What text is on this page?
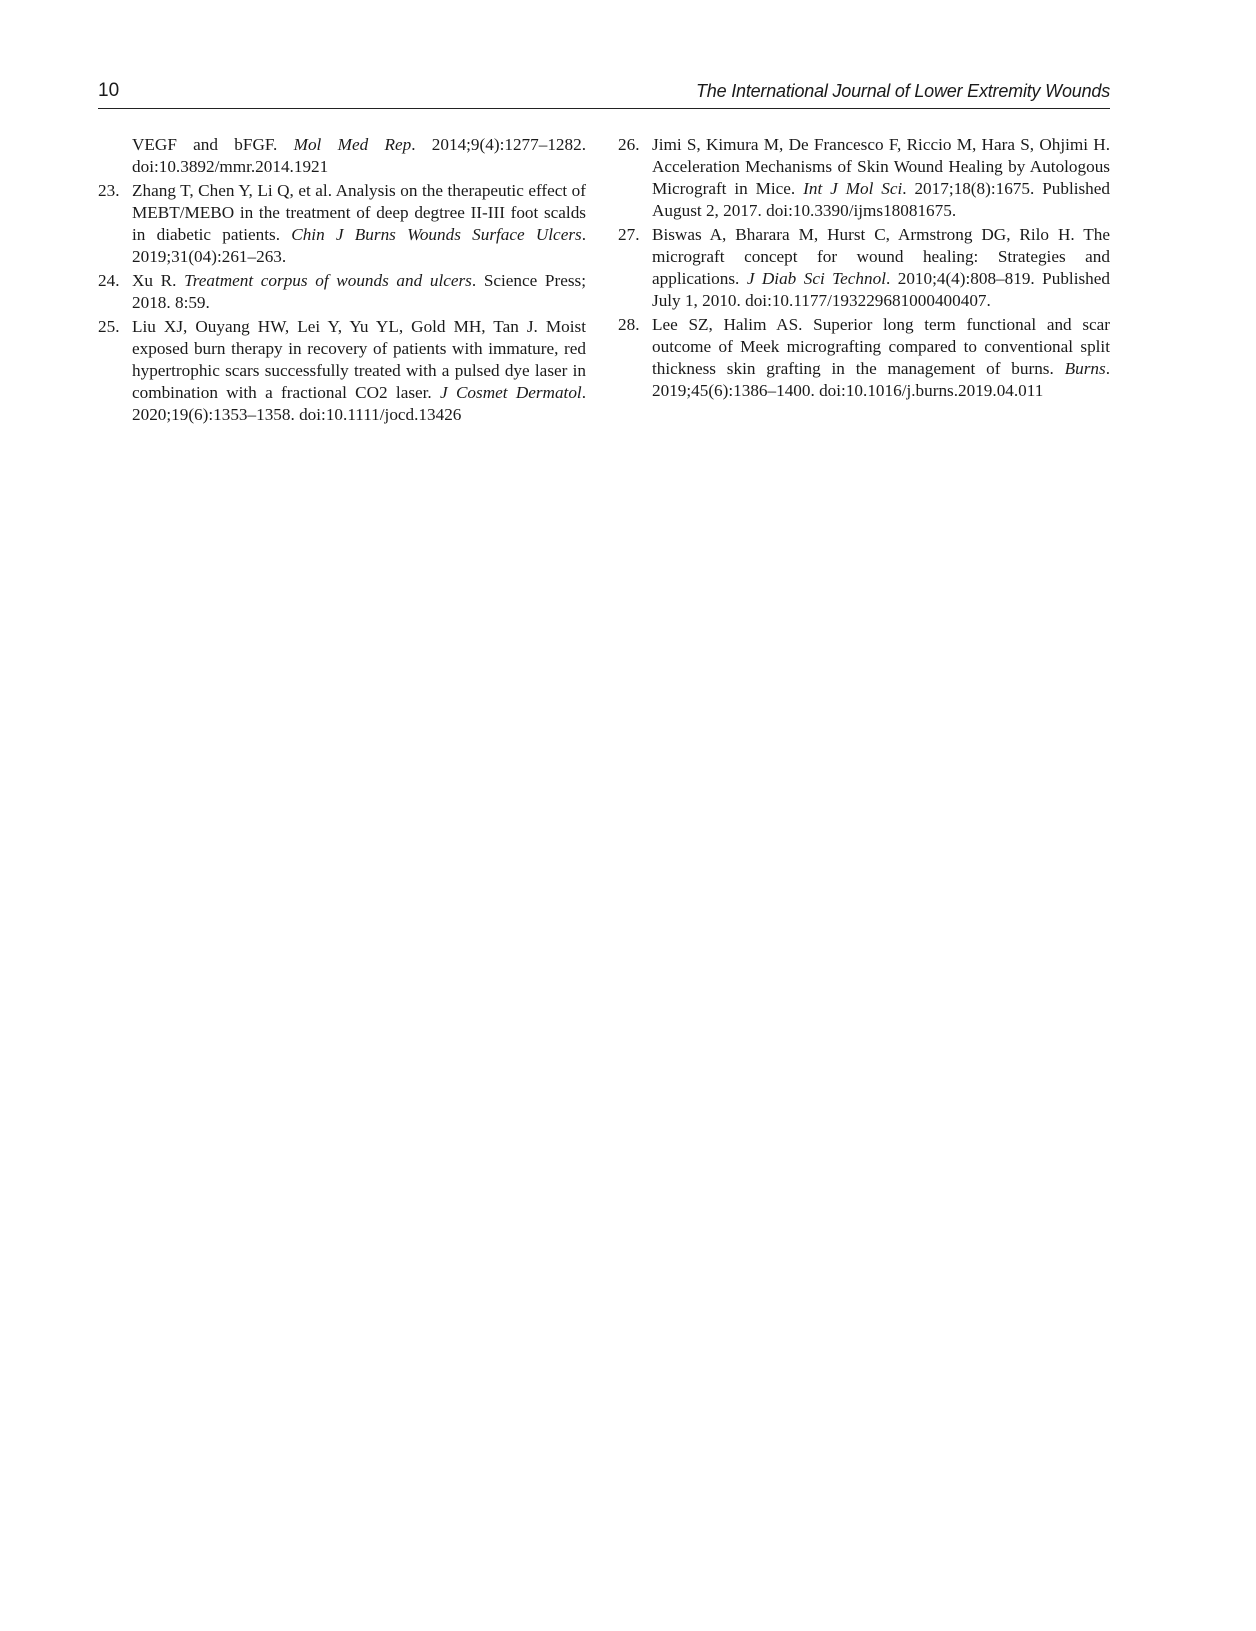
10	The International Journal of Lower Extremity Wounds
VEGF and bFGF. Mol Med Rep. 2014;9(4):1277–1282. doi:10.3892/mmr.2014.1921
23. Zhang T, Chen Y, Li Q, et al. Analysis on the therapeutic effect of MEBT/MEBO in the treatment of deep degtree II-III foot scalds in diabetic patients. Chin J Burns Wounds Surface Ulcers. 2019;31(04):261–263.
24. Xu R. Treatment corpus of wounds and ulcers. Science Press; 2018. 8:59.
25. Liu XJ, Ouyang HW, Lei Y, Yu YL, Gold MH, Tan J. Moist exposed burn therapy in recovery of patients with immature, red hypertrophic scars successfully treated with a pulsed dye laser in combination with a fractional CO2 laser. J Cosmet Dermatol. 2020;19(6):1353–1358. doi:10.1111/jocd.13426
26. Jimi S, Kimura M, De Francesco F, Riccio M, Hara S, Ohjimi H. Acceleration Mechanisms of Skin Wound Healing by Autologous Micrograft in Mice. Int J Mol Sci. 2017;18(8):1675. Published August 2, 2017. doi:10.3390/ijms18081675.
27. Biswas A, Bharara M, Hurst C, Armstrong DG, Rilo H. The micrograft concept for wound healing: Strategies and applications. J Diab Sci Technol. 2010;4(4):808–819. Published July 1, 2010. doi:10.1177/193229681000400407.
28. Lee SZ, Halim AS. Superior long term functional and scar outcome of Meek micrografting compared to conventional split thickness skin grafting in the management of burns. Burns. 2019;45(6):1386–1400. doi:10.1016/j.burns.2019.04.011
